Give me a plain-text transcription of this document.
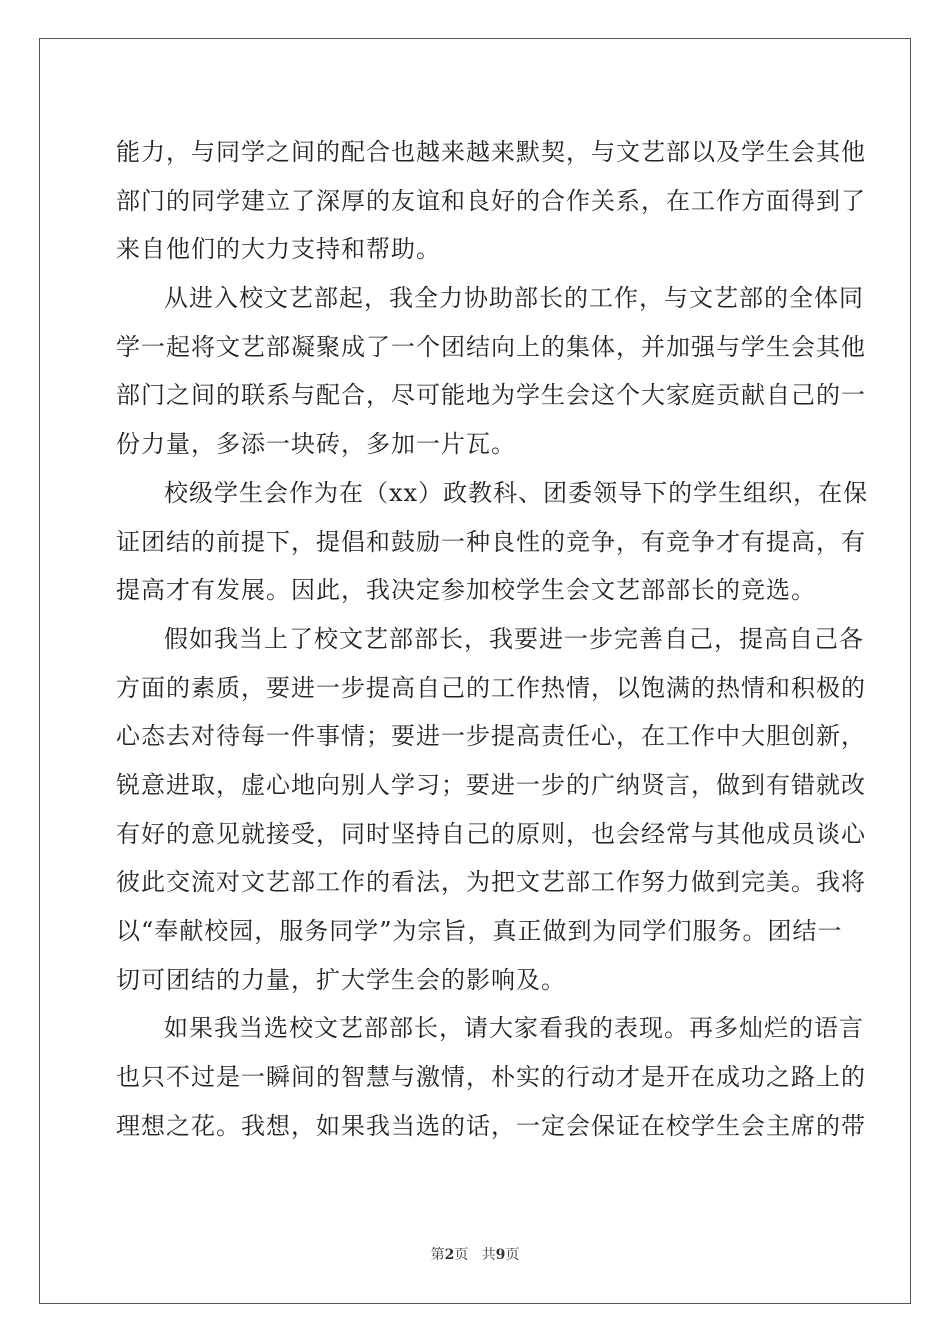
能力，与同学之间的配合也越来越来默契，与文艺部以及学生会其他
部门的同学建立了深厚的友谊和良好的合作关系，在工作方面得到了
来自他们的大力支持和帮助。
从进入校文艺部起，我全力协助部长的工作，与文艺部的全体同
学一起将文艺部凝聚成了一个团结向上的集体，并加强与学生会其他
部门之间的联系与配合，尽可能地为学生会这个大家庭贡献自己的一
份力量，多添一块砖，多加一片瓦。
校级学生会作为在（xx）政教科、团委领导下的学生组织，在保
证团结的前提下，提倡和鼓励一种良性的竞争，有竞争才有提高，有
提高才有发展。因此，我决定参加校学生会文艺部部长的竞选。
假如我当上了校文艺部部长，我要进一步完善自己，提高自己各
方面的素质，要进一步提高自己的工作热情，以饱满的热情和积极的
心态去对待每一件事情；要进一步提高责任心，在工作中大胆创新，
锐意进取，虚心地向别人学习；要进一步的广纳贤言，做到有错就改
有好的意见就接受，同时坚持自己的原则，也会经常与其他成员谈心
彼此交流对文艺部工作的看法，为把文艺部工作努力做到完美。我将
以“奉献校园，服务同学”为宗旨，真正做到为同学们服务。团结一
切可团结的力量，扩大学生会的影响及。
如果我当选校文艺部部长，请大家看我的表现。再多灿烂的语言
也只不过是一瞬间的智慧与激情，朴实的行动才是开在成功之路上的
理想之花。我想，如果我当选的话，一定会保证在校学生会主席的带
第2页 共9页
